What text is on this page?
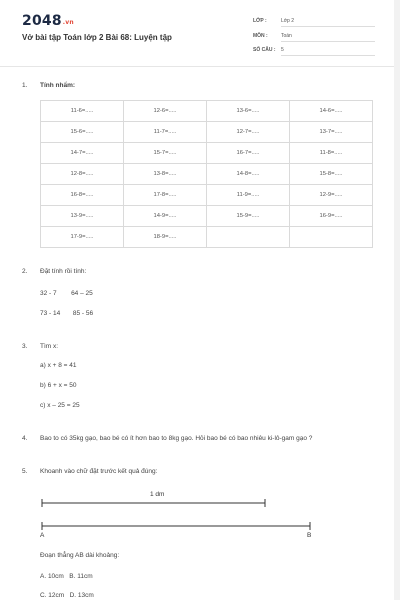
2048.vn
Vở bài tập Toán lớp 2 Bài 68: Luyện tập
LỚP :	Lớp 2
MÔN :	Toán
SỐ CÂU : 5
1. Tính nhẩm:
11-6=.....	12-6=.....	13-6=.....	14-6=.....
15-6=.....	11-7=.....	12-7=.....	13-7=.....
14-7=.....	15-7=.....	16-7=.....	11-8=.....
12-8=.....	13-8=.....	14-8=.....	15-8=.....
16-8=.....	17-8=.....	11-9=.....	12-9=.....
13-9=.....	14-9=.....	15-9=.....	16-9=.....
17-9=.....	18-9=.....		
2. Đặt tính rồi tính:
32 - 7        64 – 25
73 - 14       85 - 56
3. Tìm x:
a) x + 8 = 41
b) 6 + x = 50
c) x – 25 = 25
4. Bao to có 35kg gạo, bao bé có ít hơn bao to 8kg gạo. Hỏi bao bé có bao nhiêu ki-lô-gam gạo ?
5. Khoanh vào chữ đặt trước kết quả đúng:
1 dm
A	B
Đoạn thẳng AB dài khoảng:
A. 10cm   B. 11cm
C. 12cm   D. 13cm
